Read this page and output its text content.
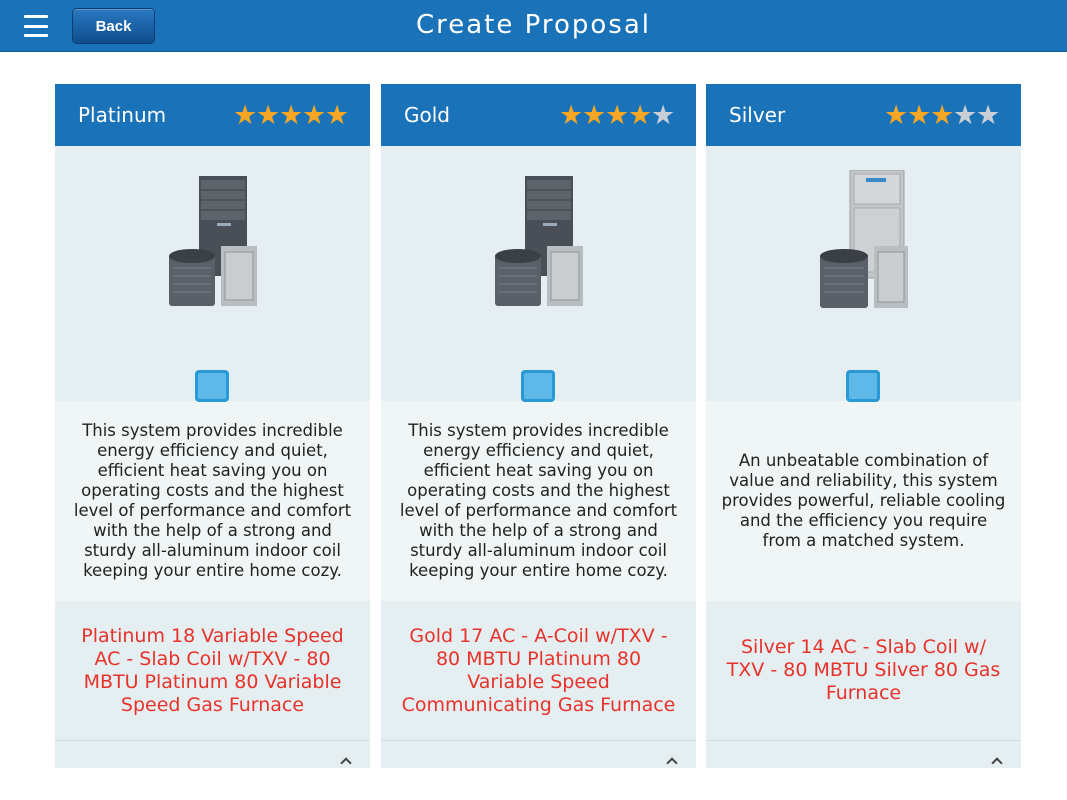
Back	Create Proposal
Platinum ★
★
★
★
★
This system provides incredible energy efficiency and quiet, efficient heat saving you on operating costs and the highest level of performance and comfort with the help of a strong and sturdy all-aluminum indoor coil keeping your entire home cozy.
Platinum 18 Variable Speed AC - Slab Coil w/TXV - 80 MBTU Platinum 80 Variable Speed Gas Furnace
Gold	★
★
★
★
★
This system provides incredible energy efficiency and quiet, efficient heat saving you on operating costs and the highest level of performance and comfort with the help of a strong and sturdy all-aluminum indoor coil keeping your entire home cozy.
Gold 17 AC - A-Coil w/TXV - 80 MBTU Platinum 80 Variable Speed Communicating Gas Furnace
Silver	★
★
★
★
★
An unbeatable combination of value and reliability, this system provides powerful, reliable cooling and the efficiency you require from a matched system.
Silver 14 AC - Slab Coil w/ TXV - 80 MBTU Silver 80 Gas Furnace
